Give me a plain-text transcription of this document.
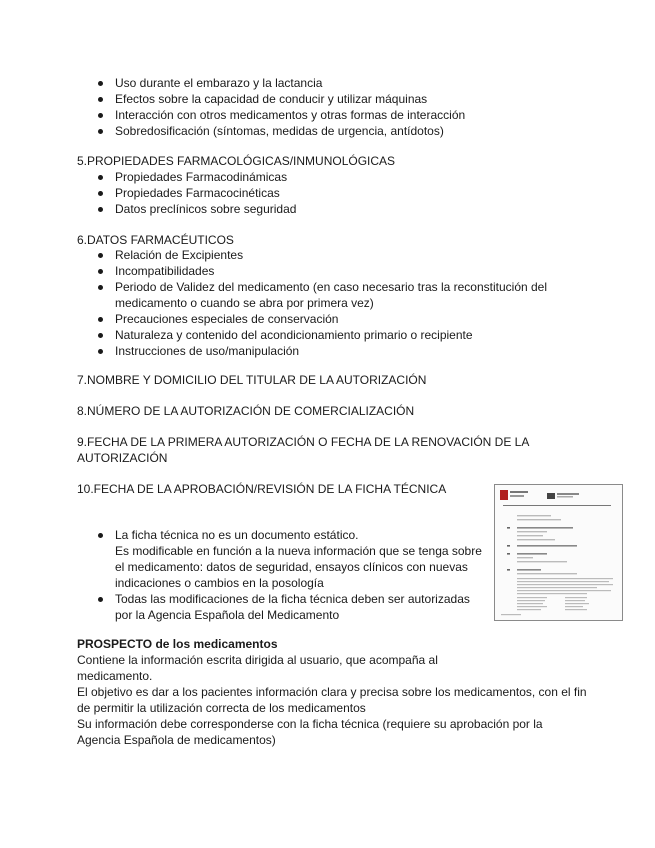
Uso durante el embarazo y la lactancia
Efectos sobre la capacidad de conducir y utilizar máquinas
Interacción con otros medicamentos y otras formas de interacción
Sobredosificación (síntomas, medidas de urgencia, antídotos)
5.PROPIEDADES FARMACOLÓGICAS/INMUNOLÓGICAS
Propiedades Farmacodinámicas
Propiedades Farmacocinéticas
Datos preclínicos sobre seguridad
6.DATOS FARMACÉUTICOS
Relación de Excipientes
Incompatibilidades
Periodo de Validez del medicamento (en caso necesario tras la reconstitución del
medicamento o cuando se abra por primera vez)
Precauciones especiales de conservación
Naturaleza y contenido del acondicionamiento primario o recipiente
Instrucciones de uso/manipulación
7.NOMBRE Y DOMICILIO DEL TITULAR DE LA AUTORIZACIÓN
8.NÚMERO DE LA AUTORIZACIÓN DE COMERCIALIZACIÓN
9.FECHA DE LA PRIMERA AUTORIZACIÓN O FECHA DE LA RENOVACIÓN DE LA
AUTORIZACIÓN
10.FECHA DE LA APROBACIÓN/REVISIÓN DE LA FICHA TÉCNICA
La ficha técnica no es un documento estático.
Es modificable en función a la nueva información que se tenga sobre
el medicamento: datos de seguridad, ensayos clínicos con nuevas
indicaciones o cambios en la posología
Todas las modificaciones de la ficha técnica deben ser autorizadas
por la Agencia Española del Medicamento
PROSPECTO de los medicamentos
Contiene la información escrita dirigida al usuario, que acompaña al
medicamento.
El objetivo es dar a los pacientes información clara y precisa sobre los medicamentos, con el fin
de permitir la utilización correcta de los medicamentos
Su información debe corresponderse con la ficha técnica (requiere su aprobación por la
Agencia Española de medicamentos)
